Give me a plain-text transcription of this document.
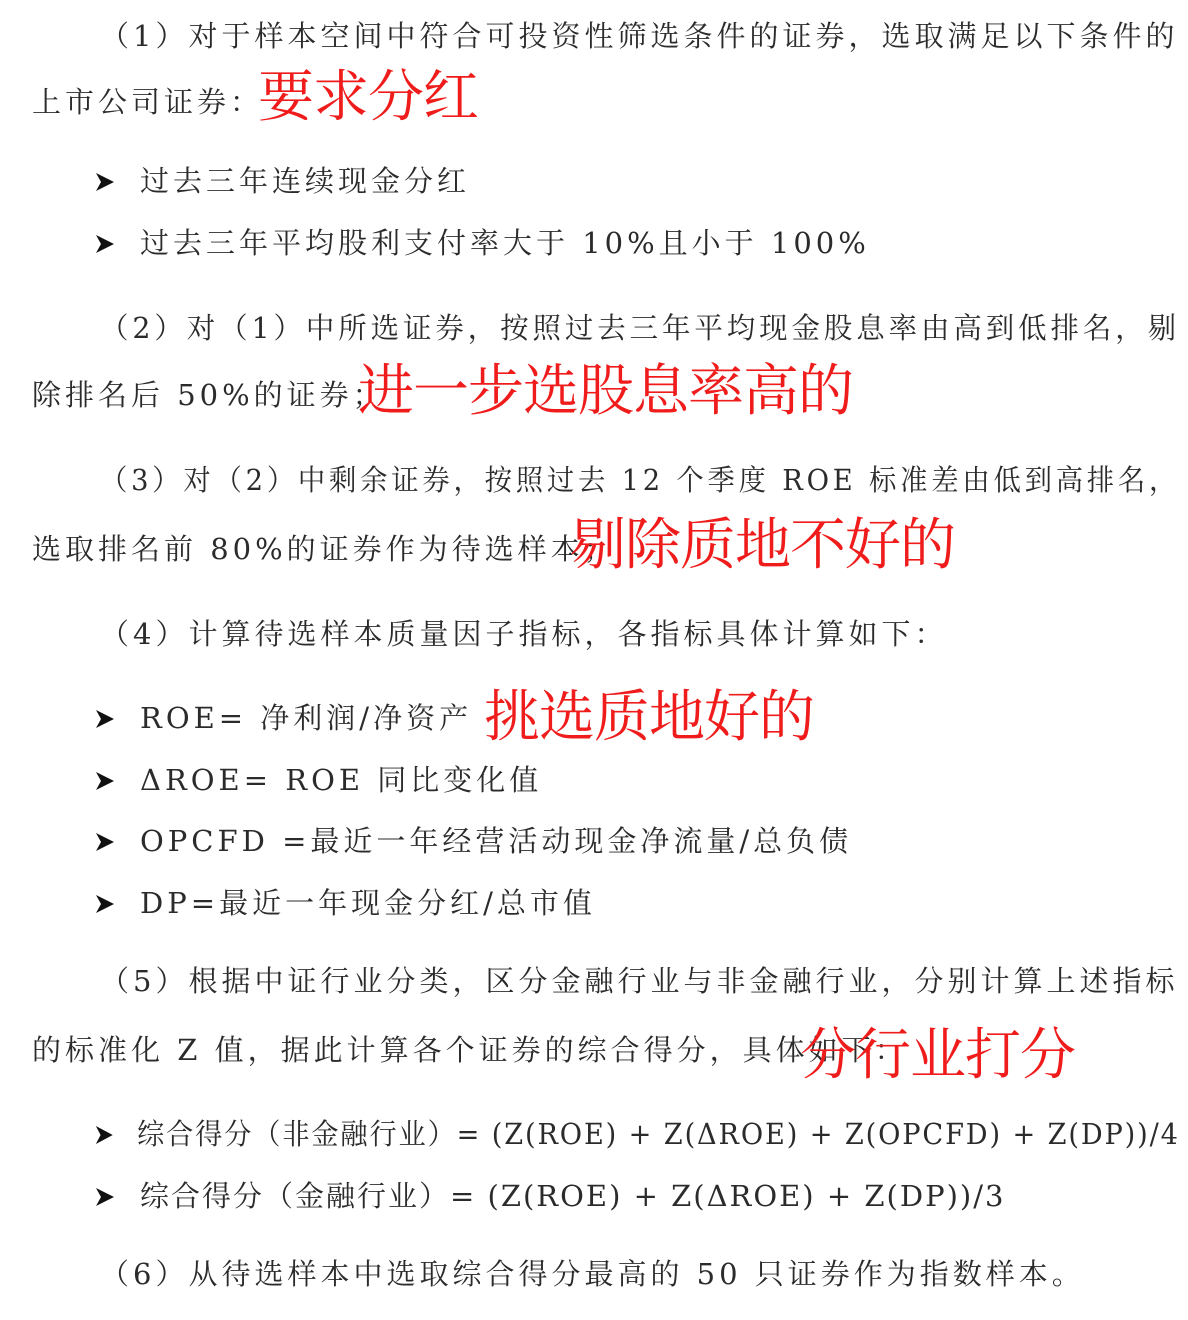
（1）对于样本空间中符合可投资性筛选条件的证券，选取满足以下条件的
上市公司证券：
要求分红
过去三年连续现金分红
过去三年平均股利支付率大于 10%且小于 100%
（2）对（1）中所选证券，按照过去三年平均现金股息率由高到低排名，剔
除排名后 50%的证券；
进一步选股息率高的
（3）对（2）中剩余证券，按照过去 12 个季度 ROE 标准差由低到高排名，
选取排名前 80%的证券作为待选样本；
剔除质地不好的
（4）计算待选样本质量因子指标，各指标具体计算如下：
ROE= 净利润/净资产 挑选质地好的
ΔROE= ROE 同比变化值
OPCFD =最近一年经营活动现金净流量/总负债
DP=最近一年现金分红/总市值
（5）根据中证行业分类，区分金融行业与非金融行业，分别计算上述指标
的标准化 Z 值，据此计算各个证券的综合得分，具体如下：
分行业打分
综合得分（非金融行业）= (Z(ROE) + Z(ΔROE) + Z(OPCFD) + Z(DP))/4
综合得分（金融行业）= (Z(ROE) + Z(ΔROE) + Z(DP))/3
（6）从待选样本中选取综合得分最高的 50 只证券作为指数样本。
